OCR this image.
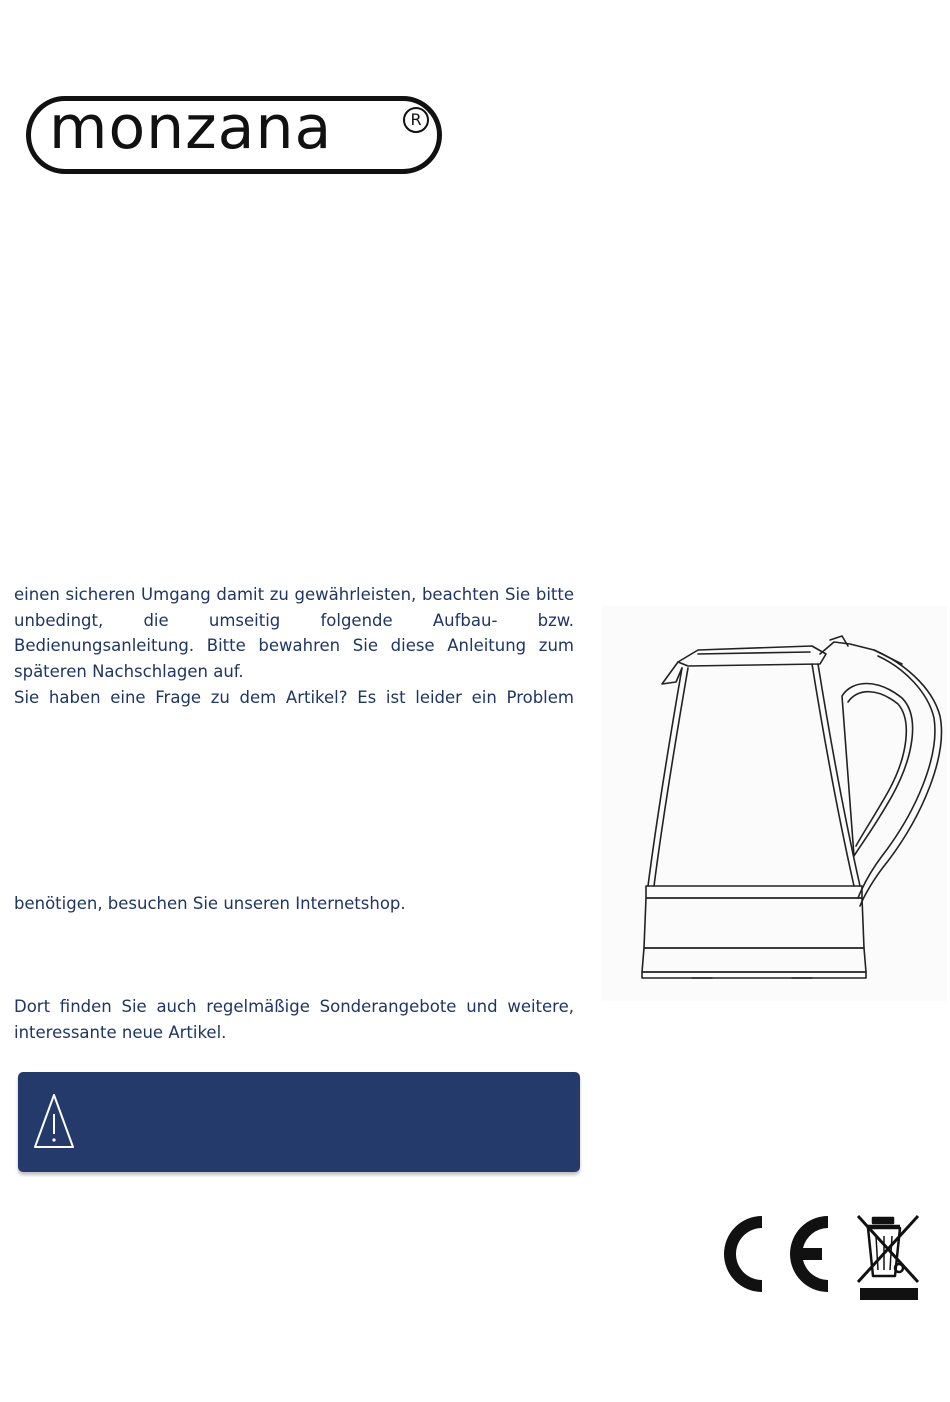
monzana	R

einen sicheren Umgang damit zu gewährleisten, beachten Sie bitte unbedingt, die umseitig folgende Aufbau- bzw. Bedienungsanleitung. Bitte bewahren Sie diese Anleitung zum späteren Nachschlagen auf.

Sie haben eine Frage zu dem Artikel? Es ist leider ein Problem

benötigen, besuchen Sie unseren Internetshop.

Dort finden Sie auch regelmäßige Sonderangebote und weitere, interessante neue Artikel.
